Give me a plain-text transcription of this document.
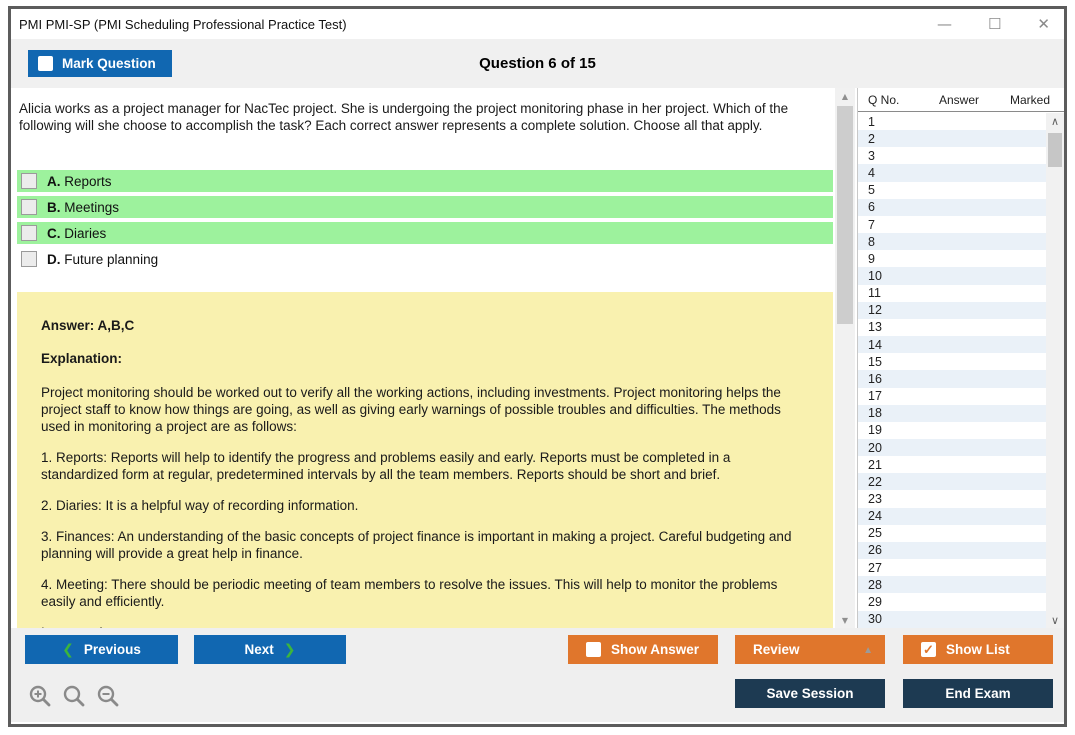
PMI PMI-SP (PMI Scheduling Professional Practice Test)	— ☐ ✕
Question 6 of 15
Mark Question
Alicia works as a project manager for NacTec project. She is undergoing the project monitoring phase in her project. Which of the following will she choose to accomplish the task? Each correct answer represents a complete solution. Choose all that apply.
A. Reports
B. Meetings
C. Diaries
D. Future planning
Answer: A,B,C
Explanation:

Project monitoring should be worked out to verify all the working actions, including investments. Project monitoring helps the project staff to know how things are going, as well as giving early warnings of possible troubles and difficulties. The methods used in monitoring a project are as follows:

1. Reports: Reports will help to identify the progress and problems easily and early. Reports must be completed in a standardized form at regular, predetermined intervals by all the team members. Reports should be short and brief.

2. Diaries: It is a helpful way of recording information.

3. Finances: An understanding of the basic concepts of project finance is important in making a project. Careful budgeting and planning will provide a great help in finance.

4. Meeting: There should be periodic meeting of team members to resolve the issues. This will help to monitor the problems easily and efficiently.

▲
▼
Q No.	Answer	Marked
1
2
3
4
5
6
7
8
9
10
11
12
13
14
15
16
17
18
19
20
21
22
23
24
25
26
27
28
29
30
∧
∨
❮ Previous	Next ❯	Show Answer	Review	▲	✓ Show List
Save Session	End Exam
